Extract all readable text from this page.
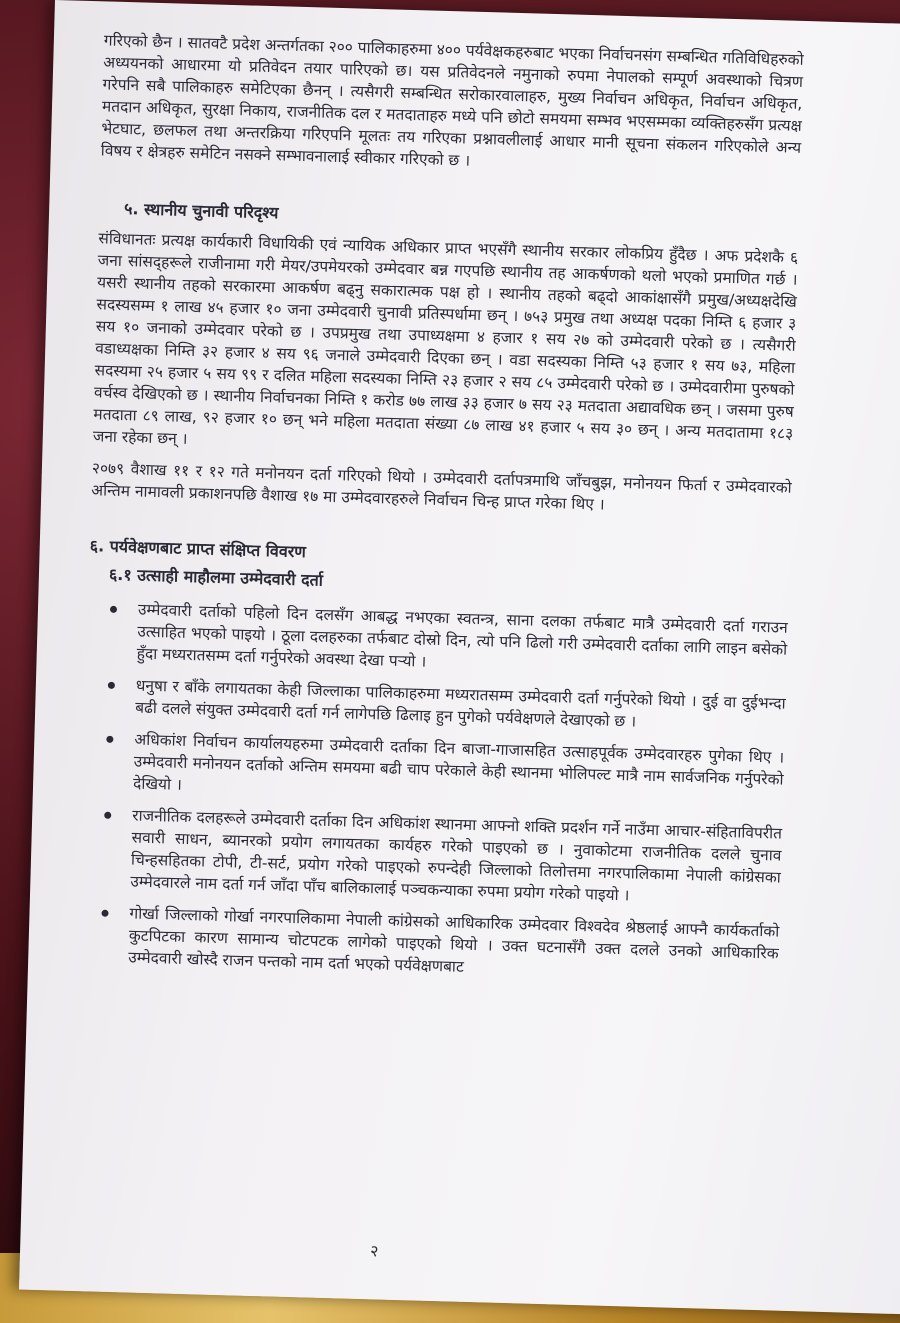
गरिएको छैन । सातवटै प्रदेश अन्तर्गतका २०० पालिकाहरुमा ४०० पर्यवेक्षकहरुबाट भएका निर्वाचनसंग सम्बन्धित गतिविधिहरुको अध्ययनको आधारमा यो प्रतिवेदन तयार पारिएको छ। यस प्रतिवेदनले नमुनाको रुपमा नेपालको सम्पूर्ण अवस्थाको चित्रण गरेपनि सबै पालिकाहरु समेटिएका छैनन् । त्यसैगरी सम्बन्धित सरोकारवालाहरु, मुख्य निर्वाचन अधिकृत, निर्वाचन अधिकृत, मतदान अधिकृत, सुरक्षा निकाय, राजनीतिक दल र मतदाताहरु मध्ये पनि छोटो समयमा सम्भव भएसम्मका व्यक्तिहरुसँग प्रत्यक्ष भेटघाट, छलफल तथा अन्तरक्रिया गरिएपनि मूलतः तय गरिएका प्रश्नावलीलाई आधार मानी सूचना संकलन गरिएकोले अन्य विषय र क्षेत्रहरु समेटिन नसक्ने सम्भावनालाई स्वीकार गरिएको छ ।

५. स्थानीय चुनावी परिदृश्य

संविधानतः प्रत्यक्ष कार्यकारी विधायिकी एवं न्यायिक अधिकार प्राप्त भएसँगै स्थानीय सरकार लोकप्रिय हुँदैछ । अफ प्रदेशकै ६ जना सांसद्हरूले राजीनामा गरी मेयर/उपमेयरको उम्मेदवार बन्न गएपछि स्थानीय तह आकर्षणको थलो भएको प्रमाणित गर्छ । यसरी स्थानीय तहको सरकारमा आकर्षण बढ्नु सकारात्मक पक्ष हो । स्थानीय तहको बढ्दो आकांक्षासँगै प्रमुख/अध्यक्षदेखि सदस्यसम्म १ लाख ४५ हजार १० जना उम्मेदवारी चुनावी प्रतिस्पर्धामा छन् । ७५३ प्रमुख तथा अध्यक्ष पदका निम्ति ६ हजार ३ सय १० जनाको उम्मेदवार परेको छ । उपप्रमुख तथा उपाध्यक्षमा ४ हजार १ सय २७ को उम्मेदवारी परेको छ । त्यसैगरी वडाध्यक्षका निम्ति ३२ हजार ४ सय ९६ जनाले उम्मेदवारी दिएका छन् । वडा सदस्यका निम्ति ५३ हजार १ सय ७३, महिला सदस्यमा २५ हजार ५ सय ९९ र दलित महिला सदस्यका निम्ति २३ हजार २ सय ८५ उम्मेदवारी परेको छ । उम्मेदवारीमा पुरुषको वर्चस्व देखिएको छ । स्थानीय निर्वाचनका निम्ति १ करोड ७७ लाख ३३ हजार ७ सय २३ मतदाता अद्यावधिक छन् । जसमा पुरुष मतदाता ८९ लाख, ९२ हजार १० छन् भने महिला मतदाता संख्या ८७ लाख ४१ हजार ५ सय ३० छन् । अन्य मतदातामा १८३ जना रहेका छन् ।

२०७९ वैशाख ११ र १२ गते मनोनयन दर्ता गरिएको थियो । उम्मेदवारी दर्तापत्रमाथि जाँचबुझ, मनोनयन फिर्ता र उम्मेदवारको अन्तिम नामावली प्रकाशनपछि वैशाख १७ मा उम्मेदवारहरुले निर्वाचन चिन्ह प्राप्त गरेका थिए ।

६. पर्यवेक्षणबाट प्राप्त संक्षिप्त विवरण
६.१ उत्साही माहौलमा उम्मेदवारी दर्ता
उम्मेदवारी दर्ताको पहिलो दिन दलसँग आबद्ध नभएका स्वतन्त्र, साना दलका तर्फबाट मात्रै उम्मेदवारी दर्ता गराउन उत्साहित भएको पाइयो । ठूला दलहरुका तर्फबाट दोस्रो दिन, त्यो पनि ढिलो गरी उम्मेदवारी दर्ताका लागि लाइन बसेको हुँदा मध्यरातसम्म दर्ता गर्नुपरेको अवस्था देखा पर्‍यो ।
धनुषा र बाँके लगायतका केही जिल्लाका पालिकाहरुमा मध्यरातसम्म उम्मेदवारी दर्ता गर्नुपरेको थियो । दुई वा दुईभन्दा बढी दलले संयुक्त उम्मेदवारी दर्ता गर्न लागेपछि ढिलाइ हुन पुगेको पर्यवेक्षणले देखाएको छ ।
अधिकांश निर्वाचन कार्यालयहरुमा उम्मेदवारी दर्ताका दिन बाजा-गाजासहित उत्साहपूर्वक उम्मेदवारहरु पुगेका थिए । उम्मेदवारी मनोनयन दर्ताको अन्तिम समयमा बढी चाप परेकाले केही स्थानमा भोलिपल्ट मात्रै नाम सार्वजनिक गर्नुपरेको देखियो ।
राजनीतिक दलहरूले उम्मेदवारी दर्ताका दिन अधिकांश स्थानमा आफ्नो शक्ति प्रदर्शन गर्ने नाउँमा आचार-संहिताविपरीत सवारी साधन, ब्यानरको प्रयोग लगायतका कार्यहरु गरेको पाइएको छ । नुवाकोटमा राजनीतिक दलले चुनाव चिन्हसहितका टोपी, टी-सर्ट, प्रयोग गरेको पाइएको रुपन्देही जिल्लाको तिलोत्तमा नगरपालिकामा नेपाली कांग्रेसका उम्मेदवारले नाम दर्ता गर्न जाँदा पाँच बालिकालाई पञ्चकन्याका रुपमा प्रयोग गरेको पाइयो ।
गोर्खा जिल्लाको गोर्खा नगरपालिकामा नेपाली कांग्रेसको आधिकारिक उम्मेदवार विश्वदेव श्रेष्ठलाई आफ्नै कार्यकर्ताको कुटपिटका कारण सामान्य चोटपटक लागेको पाइएको थियो । उक्त घटनासँगै उक्त दलले उनको आधिकारिक उम्मेदवारी खोस्दै राजन पन्तको नाम दर्ता भएको पर्यवेक्षणबाट
२
